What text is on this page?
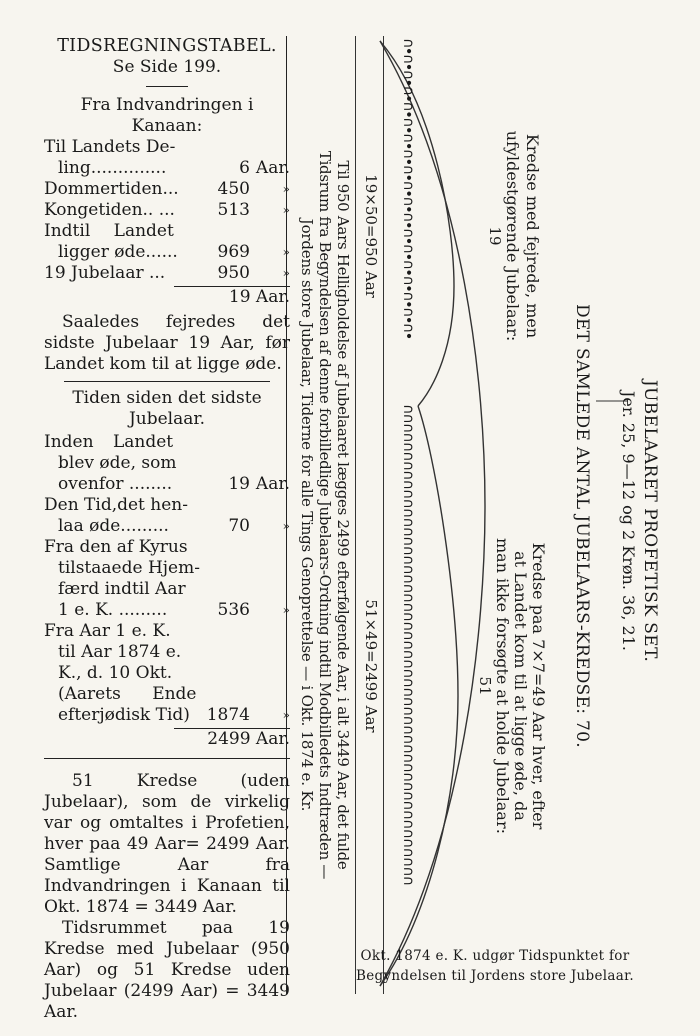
TIDSREGNINGSTABEL.
Se Side 199.
Fra Indvandringen i Kanaan:
Til Landets De-
ling..............	6 Aar.
Dommertiden...	450	»
Kongetiden.. ...	513	»
Indtil Landet
ligger øde......	969	»
19 Jubelaar ...	950	»
19 Aar.
Saaledes fejredes det sidste Jubelaar 19 Aar, før Landet kom til at ligge øde.
Tiden siden det sidste Jubelaar.
Inden Landet
blev øde, som
ovenfor ........	19 Aar.
Den Tid,det hen-
laa øde.........	70	»
Fra den af Kyrus
tilstaaede Hjem-
færd indtil Aar
1 e. K. .........	536	»
Fra Aar 1 e. K.
til Aar 1874 e.
K., d. 10 Okt.
(Aarets Ende
efterjødisk Tid) 1874	»
2499 Aar.
51 Kredse (uden Jubelaar), som de virkelig var og omtaltes i Profetien, hver paa 49 Aar= 2499 Aar. Samtlige Aar fra Indvandringen i Kanaan til Okt. 1874 = 3449 Aar.
Tidsrummet paa 19 Kredse med Jubelaar (950 Aar) og 51 Kredse uden Jubelaar (2499 Aar) = 3449 Aar.
JUBELAARET PROFETISK SET.
Jer. 25, 9—12 og 2 Krøn. 36, 21.
DET SAMLEDE ANTAL JUBELAARS-KREDSE: 70.
Kredse med fejrede, men
ufyldestgørende Jubelaar:
19
Kredse paa 7×7=49 Aar hver, efter
at Landet kom til at ligge øde, da
man ikke forsøgte at holde Jubelaar:
51
∩•∩•∩•∩•∩•∩•∩•∩•∩•∩•∩•∩•∩•∩•∩•∩•∩•∩•∩•
∩∩∩∩∩∩∩∩∩∩∩∩∩∩∩∩∩∩∩∩∩∩∩∩∩∩∩∩∩∩∩∩∩∩∩∩∩∩∩∩∩∩∩∩∩∩∩∩∩∩∩
19×50=950 Aar
51×49=2499 Aar
Til 950 Aars Helligholdelse af Jubelaaret lægges 2499 efterfølgende Aar, i alt 3449 Aar, det fulde
Tidsrum fra Begyndelsen af denne forbilledlige Jubelaars-Ordning indtil Modbilledets Indtræden —
Jordens store Jubelaar, Tiderne for alle Tings Genoprettelse — i Okt. 1874 e. Kr.
Okt. 1874 e. K. udgør Tidspunktet for
Begyndelsen til Jordens store Jubelaar.
